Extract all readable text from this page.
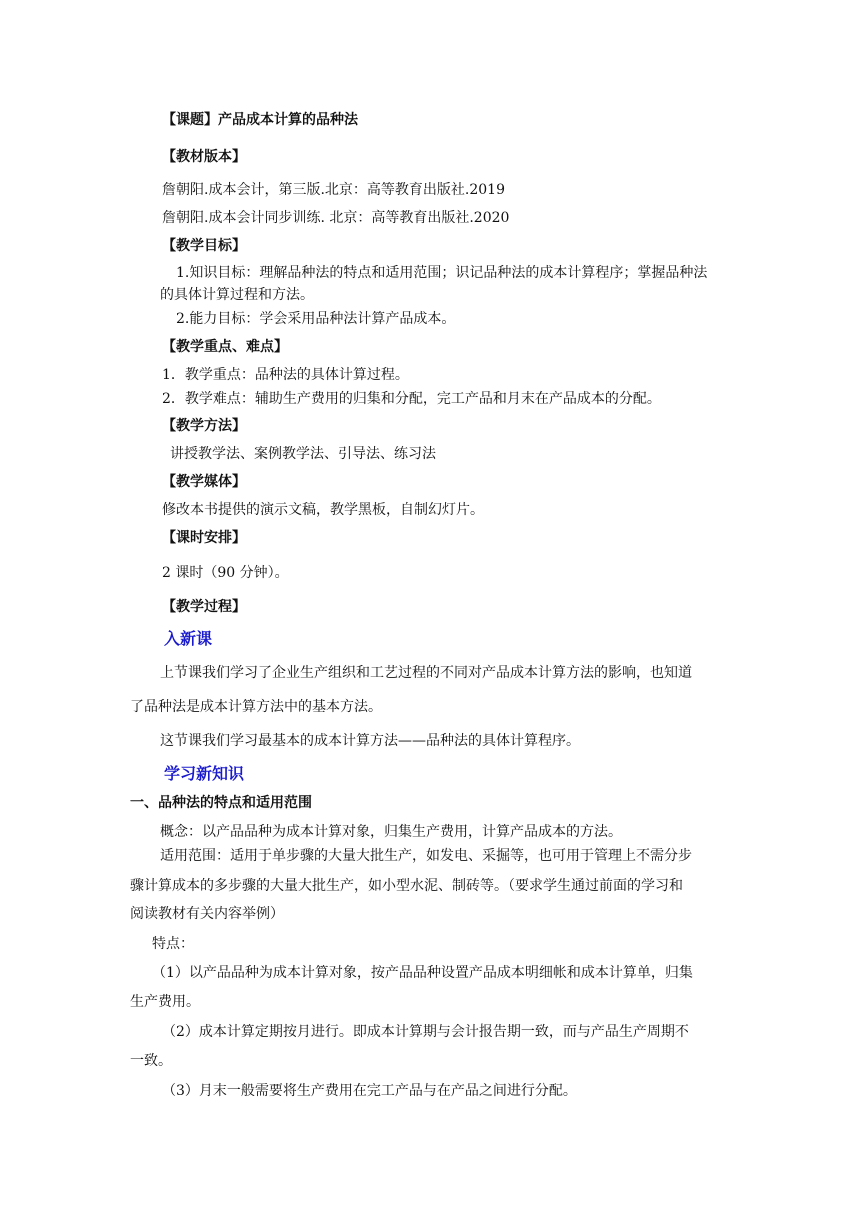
【课题】产品成本计算的品种法
【教材版本】
詹朝阳.成本会计，第三版.北京：高等教育出版社.2019
詹朝阳.成本会计同步训练. 北京：高等教育出版社.2020
【教学目标】
1.知识目标：理解品种法的特点和适用范围；识记品种法的成本计算程序；掌握品种法
的具体计算过程和方法。
2.能力目标：学会采用品种法计算产品成本。
【教学重点、难点】
1．教学重点：品种法的具体计算过程。
2．教学难点：辅助生产费用的归集和分配，完工产品和月末在产品成本的分配。
【教学方法】
讲授教学法、案例教学法、引导法、练习法
【教学媒体】
修改本书提供的演示文稿，教学黑板，自制幻灯片。
【课时安排】
2 课时（90 分钟）。
【教学过程】
入新课
上节课我们学习了企业生产组织和工艺过程的不同对产品成本计算方法的影响，也知道
了品种法是成本计算方法中的基本方法。
这节课我们学习最基本的成本计算方法——品种法的具体计算程序。
学习新知识
一、品种法的特点和适用范围
概念：以产品品种为成本计算对象，归集生产费用，计算产品成本的方法。
适用范围：适用于单步骤的大量大批生产，如发电、采掘等，也可用于管理上不需分步
骤计算成本的多步骤的大量大批生产，如小型水泥、制砖等。（要求学生通过前面的学习和
阅读教材有关内容举例）
特点：
（1）以产品品种为成本计算对象，按产品品种设置产品成本明细帐和成本计算单，归集
生产费用。
（2）成本计算定期按月进行。即成本计算期与会计报告期一致，而与产品生产周期不
一致。
（3）月末一般需要将生产费用在完工产品与在产品之间进行分配。
